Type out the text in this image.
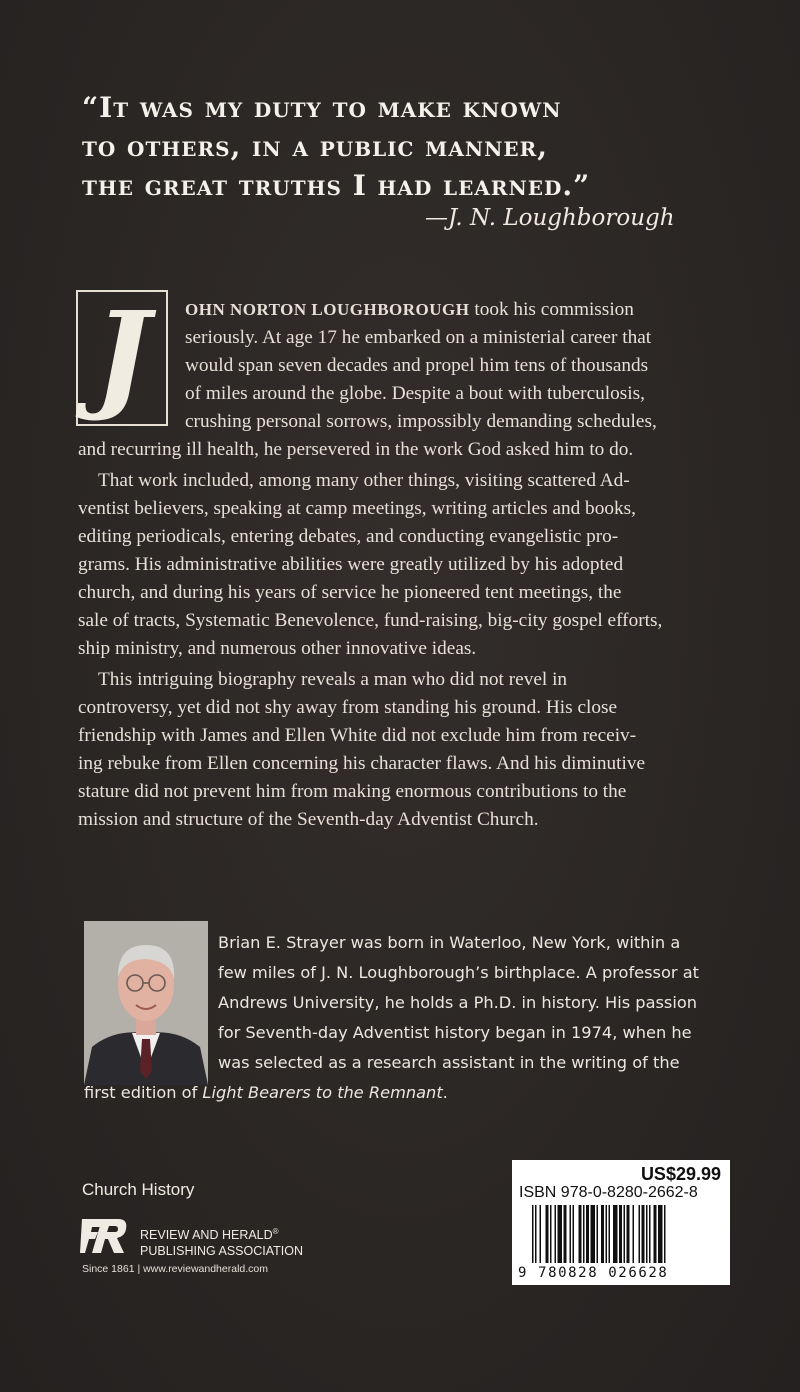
“It was my duty to make known
to others, in a public manner,
the great truths I had learned.”
—J. N. Loughborough
J OHN NORTON LOUGHBOROUGH took his commission
seriously. At age 17 he embarked on a ministerial career that
would span seven decades and propel him tens of thousands
of miles around the globe. Despite a bout with tuberculosis,
crushing personal sorrows, impossibly demanding schedules,
and recurring ill health, he persevered in the work God asked him to do.
That work included, among many other things, visiting scattered Ad-
ventist believers, speaking at camp meetings, writing articles and books,
editing periodicals, entering debates, and conducting evangelistic pro-
grams. His administrative abilities were greatly utilized by his adopted
church, and during his years of service he pioneered tent meetings, the
sale of tracts, Systematic Benevolence, fund-raising, big-city gospel efforts,
ship ministry, and numerous other innovative ideas.
This intriguing biography reveals a man who did not revel in
controversy, yet did not shy away from standing his ground. His close
friendship with James and Ellen White did not exclude him from receiv-
ing rebuke from Ellen concerning his character flaws. And his diminutive
stature did not prevent him from making enormous contributions to the
mission and structure of the Seventh-day Adventist Church.
Brian E. Strayer was born in Waterloo, New York, within a
few miles of J. N. Loughborough’s birthplace. A professor at
Andrews University, he holds a Ph.D. in history. His passion
for Seventh-day Adventist history began in 1974, when he
was selected as a research assistant in the writing of the
first edition of Light Bearers to the Remnant.
Church History
REVIEW AND HERALD®
PUBLISHING ASSOCIATION
Since 1861 | www.reviewandherald.com
US$29.99
ISBN 978-0-8280-2662-8
9 780828 026628
